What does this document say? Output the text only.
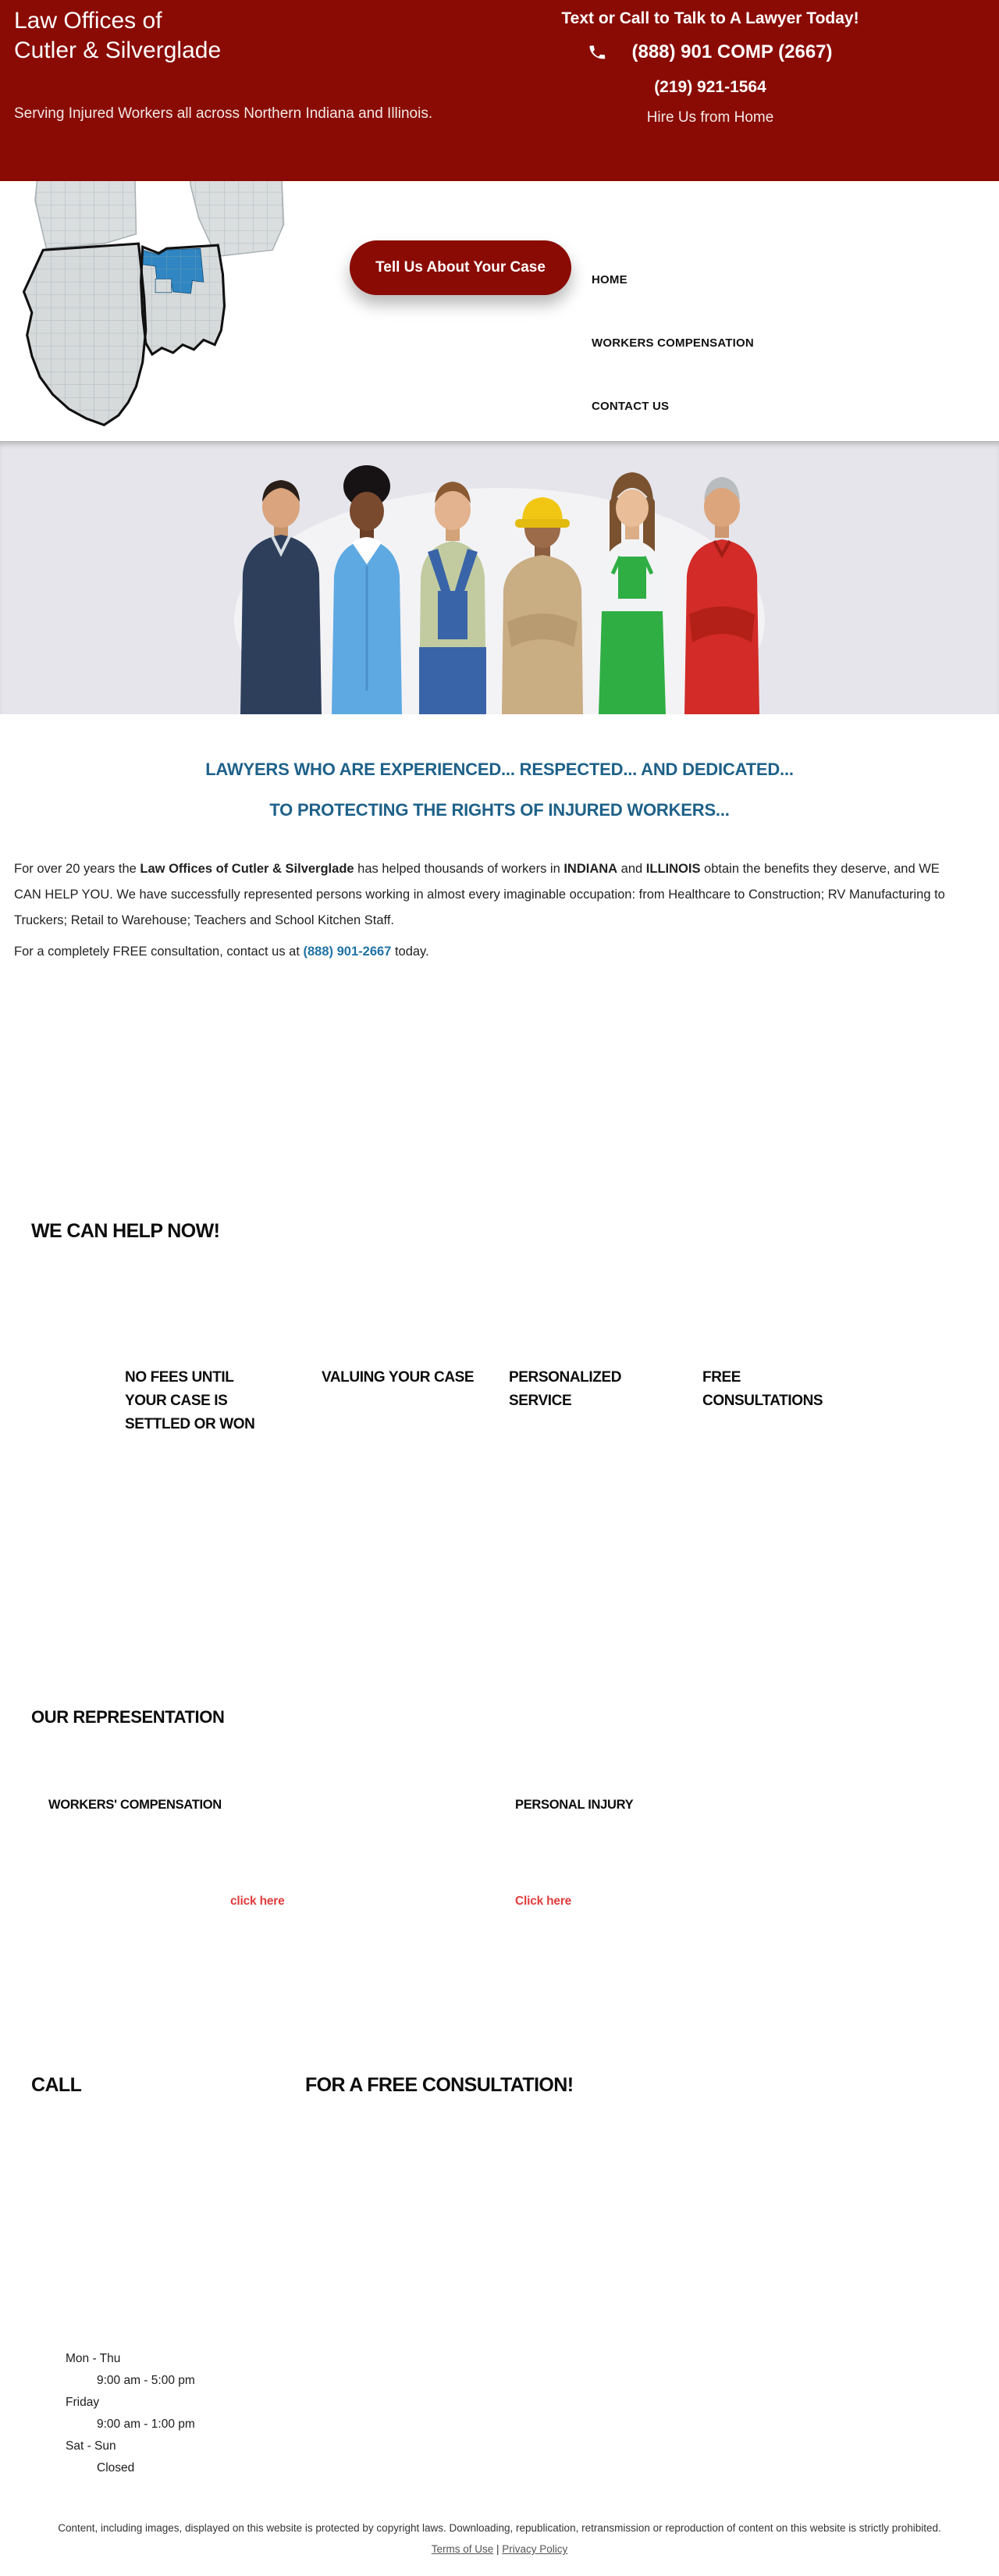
Law Offices of
Cutler & Silverglade
Serving Injured Workers all across Northern Indiana and Illinois.
Text or Call to Talk to A Lawyer Today!
(888) 901 COMP (2667)
(219) 921-1564
Hire Us from Home
Tell Us About Your Case
HOME
WORKERS COMPENSATION
CONTACT US
LAWYERS WHO ARE EXPERIENCED... RESPECTED... AND DEDICATED...
TO PROTECTING THE RIGHTS OF INJURED WORKERS...

For over 20 years the Law Offices of Cutler & Silverglade has helped thousands of workers in INDIANA and ILLINOIS obtain the benefits they deserve, and WE CAN HELP YOU. We have successfully represented persons working in almost every imaginable occupation: from Healthcare to Construction; RV Manufacturing to Truckers; Retail to Warehouse; Teachers and School Kitchen Staff.

For a completely FREE consultation, contact us at (888) 901-2667 today.

WE CAN HELP NOW!
NO FEES UNTIL YOUR CASE IS SETTLED OR WON
VALUING YOUR CASE	PERSONALIZED SERVICE
FREE CONSULTATIONS
OUR REPRESENTATION
WORKERS' COMPENSATION	PERSONAL INJURY
click here	Click here
CALL	FOR A FREE CONSULTATION!
Mon - Thu
9:00 am - 5:00 pm
Friday
9:00 am - 1:00 pm
Sat - Sun
Closed
Content, including images, displayed on this website is protected by copyright laws. Downloading, republication, retransmission or reproduction of content on this website is strictly prohibited. Terms of Use | Privacy Policy
